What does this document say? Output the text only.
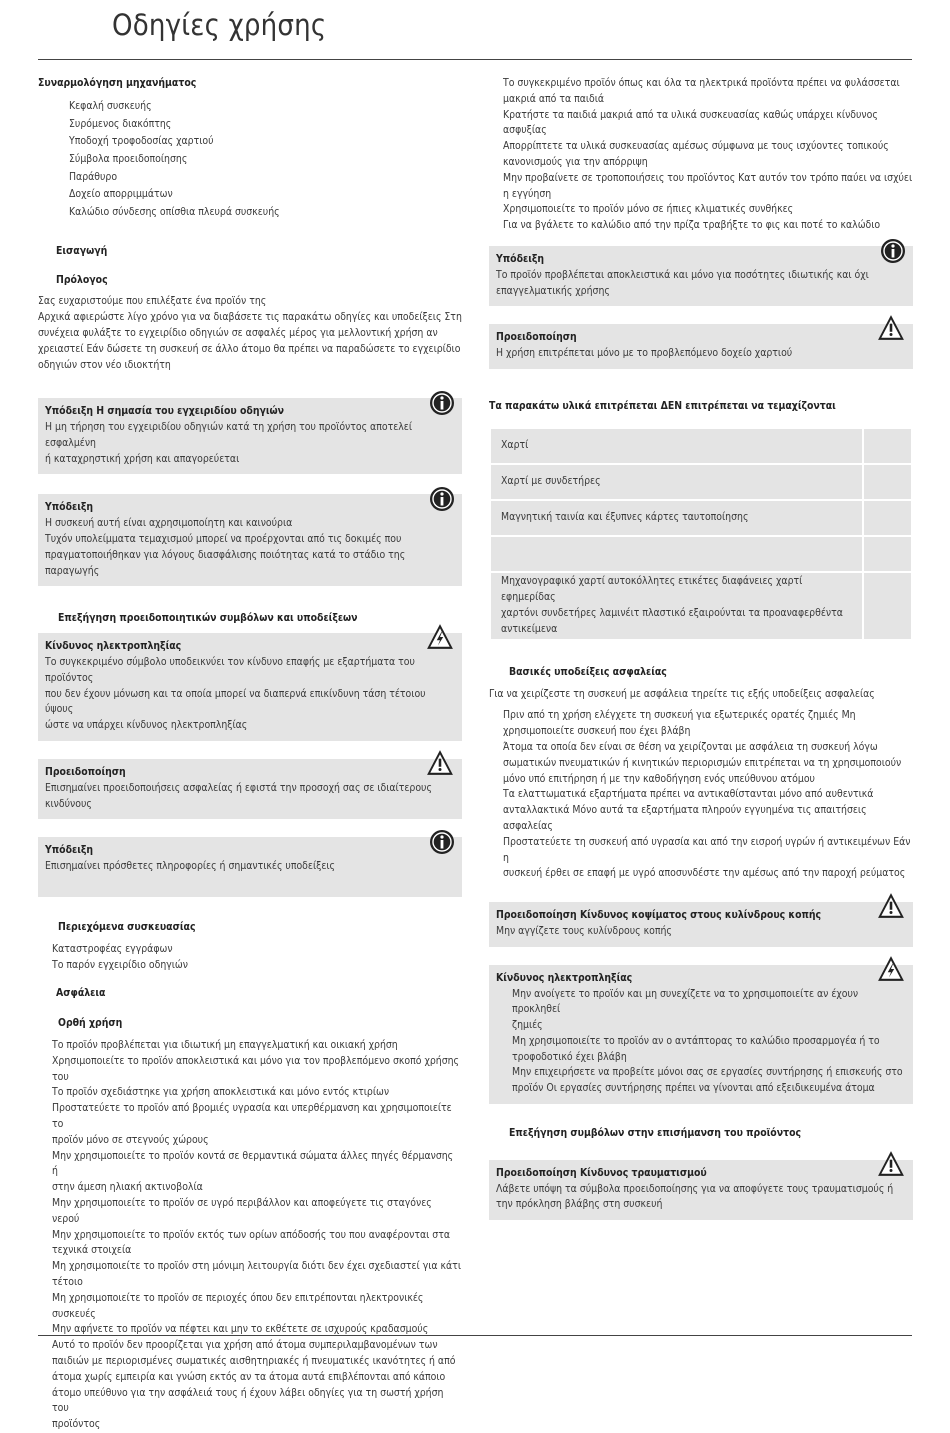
Οδηγίες χρήσης

Συναρμολόγηση μηχανήματος

Κεφαλή συσκευής
Συρόμενος διακόπτης
Υποδοχή τροφοδοσίας χαρτιού
Σύμβολα προειδοποίησης
Παράθυρο
Δοχείο απορριμμάτων
Καλώδιο σύνδεσης οπίσθια πλευρά συσκευής

Εισαγωγή

Πρόλογος

Σας ευχαριστούμε που επιλέξατε ένα προϊόν της
Αρχικά αφιερώστε λίγο χρόνο για να διαβάσετε τις παρακάτω οδηγίες και υποδείξεις Στη
συνέχεια φυλάξτε το εγχειρίδιο οδηγιών σε ασφαλές μέρος για μελλοντική χρήση αν
χρειαστεί Εάν δώσετε τη συσκευή σε άλλο άτομο θα πρέπει να παραδώσετε το εγχειρίδιο
οδηγιών στον νέο ιδιοκτήτη
Υπόδειξη Η σημασία του εγχειριδίου οδηγιών
Η μη τήρηση του εγχειριδίου οδηγιών κατά τη χρήση του προϊόντος αποτελεί εσφαλμένη
ή καταχρηστική χρήση και απαγορεύεται
Υπόδειξη
Η συσκευή αυτή είναι αχρησιμοποίητη και καινούρια
Τυχόν υπολείμματα τεμαχισμού μπορεί να προέρχονται από τις δοκιμές που
πραγματοποιήθηκαν για λόγους διασφάλισης ποιότητας κατά το στάδιο της παραγωγής

Επεξήγηση προειδοποιητικών συμβόλων και υποδείξεων

Κίνδυνος ηλεκτροπληξίας
Το συγκεκριμένο σύμβολο υποδεικνύει τον κίνδυνο επαφής με εξαρτήματα του προϊόντος
που δεν έχουν μόνωση και τα οποία μπορεί να διαπερνά επικίνδυνη τάση τέτοιου ύψους
ώστε να υπάρχει κίνδυνος ηλεκτροπληξίας
Προειδοποίηση
Επισημαίνει προειδοποιήσεις ασφαλείας ή εφιστά την προσοχή σας σε ιδιαίτερους
κινδύνους
Υπόδειξη
Επισημαίνει πρόσθετες πληροφορίες ή σημαντικές υποδείξεις

Περιεχόμενα συσκευασίας

Καταστροφέας εγγράφων
Το παρόν εγχειρίδιο οδηγιών

Ασφάλεια

Ορθή χρήση

Το προϊόν προβλέπεται για ιδιωτική μη επαγγελματική και οικιακή χρήση
Χρησιμοποιείτε το προϊόν αποκλειστικά και μόνο για τον προβλεπόμενο σκοπό χρήσης
του
Το προϊόν σχεδιάστηκε για χρήση αποκλειστικά και μόνο εντός κτιρίων
Προστατεύετε το προϊόν από βρομιές υγρασία και υπερθέρμανση και χρησιμοποιείτε το
προϊόν μόνο σε στεγνούς χώρους
Μην χρησιμοποιείτε το προϊόν κοντά σε θερμαντικά σώματα άλλες πηγές θέρμανσης ή
στην άμεση ηλιακή ακτινοβολία
Μην χρησιμοποιείτε το προϊόν σε υγρό περιβάλλον και αποφεύγετε τις σταγόνες νερού
Μην χρησιμοποιείτε το προϊόν εκτός των ορίων απόδοσής του που αναφέρονται στα
τεχνικά στοιχεία
Μη χρησιμοποιείτε το προϊόν στη μόνιμη λειτουργία διότι δεν έχει σχεδιαστεί για κάτι
τέτοιο
Μη χρησιμοποιείτε το προϊόν σε περιοχές όπου δεν επιτρέπονται ηλεκτρονικές
συσκευές
Μην αφήνετε το προϊόν να πέφτει και μην το εκθέτετε σε ισχυρούς κραδασμούς
Αυτό το προϊόν δεν προορίζεται για χρήση από άτομα συμπεριλαμβανομένων των
παιδιών με περιορισμένες σωματικές αισθητηριακές ή πνευματικές ικανότητες ή από
άτομα χωρίς εμπειρία και γνώση εκτός αν τα άτομα αυτά επιβλέπονται από κάποιο
άτομο υπεύθυνο για την ασφάλειά τους ή έχουν λάβει οδηγίες για τη σωστή χρήση του
προϊόντος
Το συγκεκριμένο προϊόν όπως και όλα τα ηλεκτρικά προϊόντα πρέπει να φυλάσσεται
μακριά από τα παιδιά
Κρατήστε τα παιδιά μακριά από τα υλικά συσκευασίας καθώς υπάρχει κίνδυνος
ασφυξίας
Απορρίπτετε τα υλικά συσκευασίας αμέσως σύμφωνα με τους ισχύοντες τοπικούς
κανονισμούς για την απόρριψη
Μην προβαίνετε σε τροποποιήσεις του προϊόντος Κατ αυτόν τον τρόπο παύει να ισχύει
η εγγύηση
Χρησιμοποιείτε το προϊόν μόνο σε ήπιες κλιματικές συνθήκες
Για να βγάλετε το καλώδιο από την πρίζα τραβήξτε το φις και ποτέ το καλώδιο
Υπόδειξη
Το προϊόν προβλέπεται αποκλειστικά και μόνο για ποσότητες ιδιωτικής και όχι
επαγγελματικής χρήσης
Προειδοποίηση
Η χρήση επιτρέπεται μόνο με το προβλεπόμενο δοχείο χαρτιού

Τα παρακάτω υλικά επιτρέπεται ΔΕΝ επιτρέπεται να τεμαχίζονται

Χαρτί	

Χαρτί με συνδετήρες	

Μαγνητική ταινία και έξυπνες κάρτες ταυτοποίησης	

Μηχανογραφικό χαρτί αυτοκόλλητες ετικέτες διαφάνειες χαρτί εφημερίδας
χαρτόνι συνδετήρες λαμινέιτ πλαστικό εξαιρούνται τα προαναφερθέντα
αντικείμενα	

Βασικές υποδείξεις ασφαλείας

Για να χειρίζεστε τη συσκευή με ασφάλεια τηρείτε τις εξής υποδείξεις ασφαλείας

Πριν από τη χρήση ελέγχετε τη συσκευή για εξωτερικές ορατές ζημιές Μη
χρησιμοποιείτε συσκευή που έχει βλάβη
Άτομα τα οποία δεν είναι σε θέση να χειρίζονται με ασφάλεια τη συσκευή λόγω
σωματικών πνευματικών ή κινητικών περιορισμών επιτρέπεται να τη χρησιμοποιούν
μόνο υπό επιτήρηση ή με την καθοδήγηση ενός υπεύθυνου ατόμου
Τα ελαττωματικά εξαρτήματα πρέπει να αντικαθίστανται μόνο από αυθεντικά
ανταλλακτικά Μόνο αυτά τα εξαρτήματα πληρούν εγγυημένα τις απαιτήσεις ασφαλείας
Προστατεύετε τη συσκευή από υγρασία και από την εισροή υγρών ή αντικειμένων Εάν η
συσκευή έρθει σε επαφή με υγρό αποσυνδέστε την αμέσως από την παροχή ρεύματος
Προειδοποίηση Κίνδυνος κοψίματος στους κυλίνδρους κοπής
Μην αγγίζετε τους κυλίνδρους κοπής
Κίνδυνος ηλεκτροπληξίας
Μην ανοίγετε το προϊόν και μη συνεχίζετε να το χρησιμοποιείτε αν έχουν προκληθεί
ζημιές
Μη χρησιμοποιείτε το προϊόν αν ο αντάπτορας το καλώδιο προσαρμογέα ή το
τροφοδοτικό έχει βλάβη
Μην επιχειρήσετε να προβείτε μόνοι σας σε εργασίες συντήρησης ή επισκευής στο
προϊόν Οι εργασίες συντήρησης πρέπει να γίνονται από εξειδικευμένα άτομα

Επεξήγηση συμβόλων στην επισήμανση του προϊόντος

Προειδοποίηση Κίνδυνος τραυματισμού
Λάβετε υπόψη τα σύμβολα προειδοποίησης για να αποφύγετε τους τραυματισμούς ή
την πρόκληση βλάβης στη συσκευή
